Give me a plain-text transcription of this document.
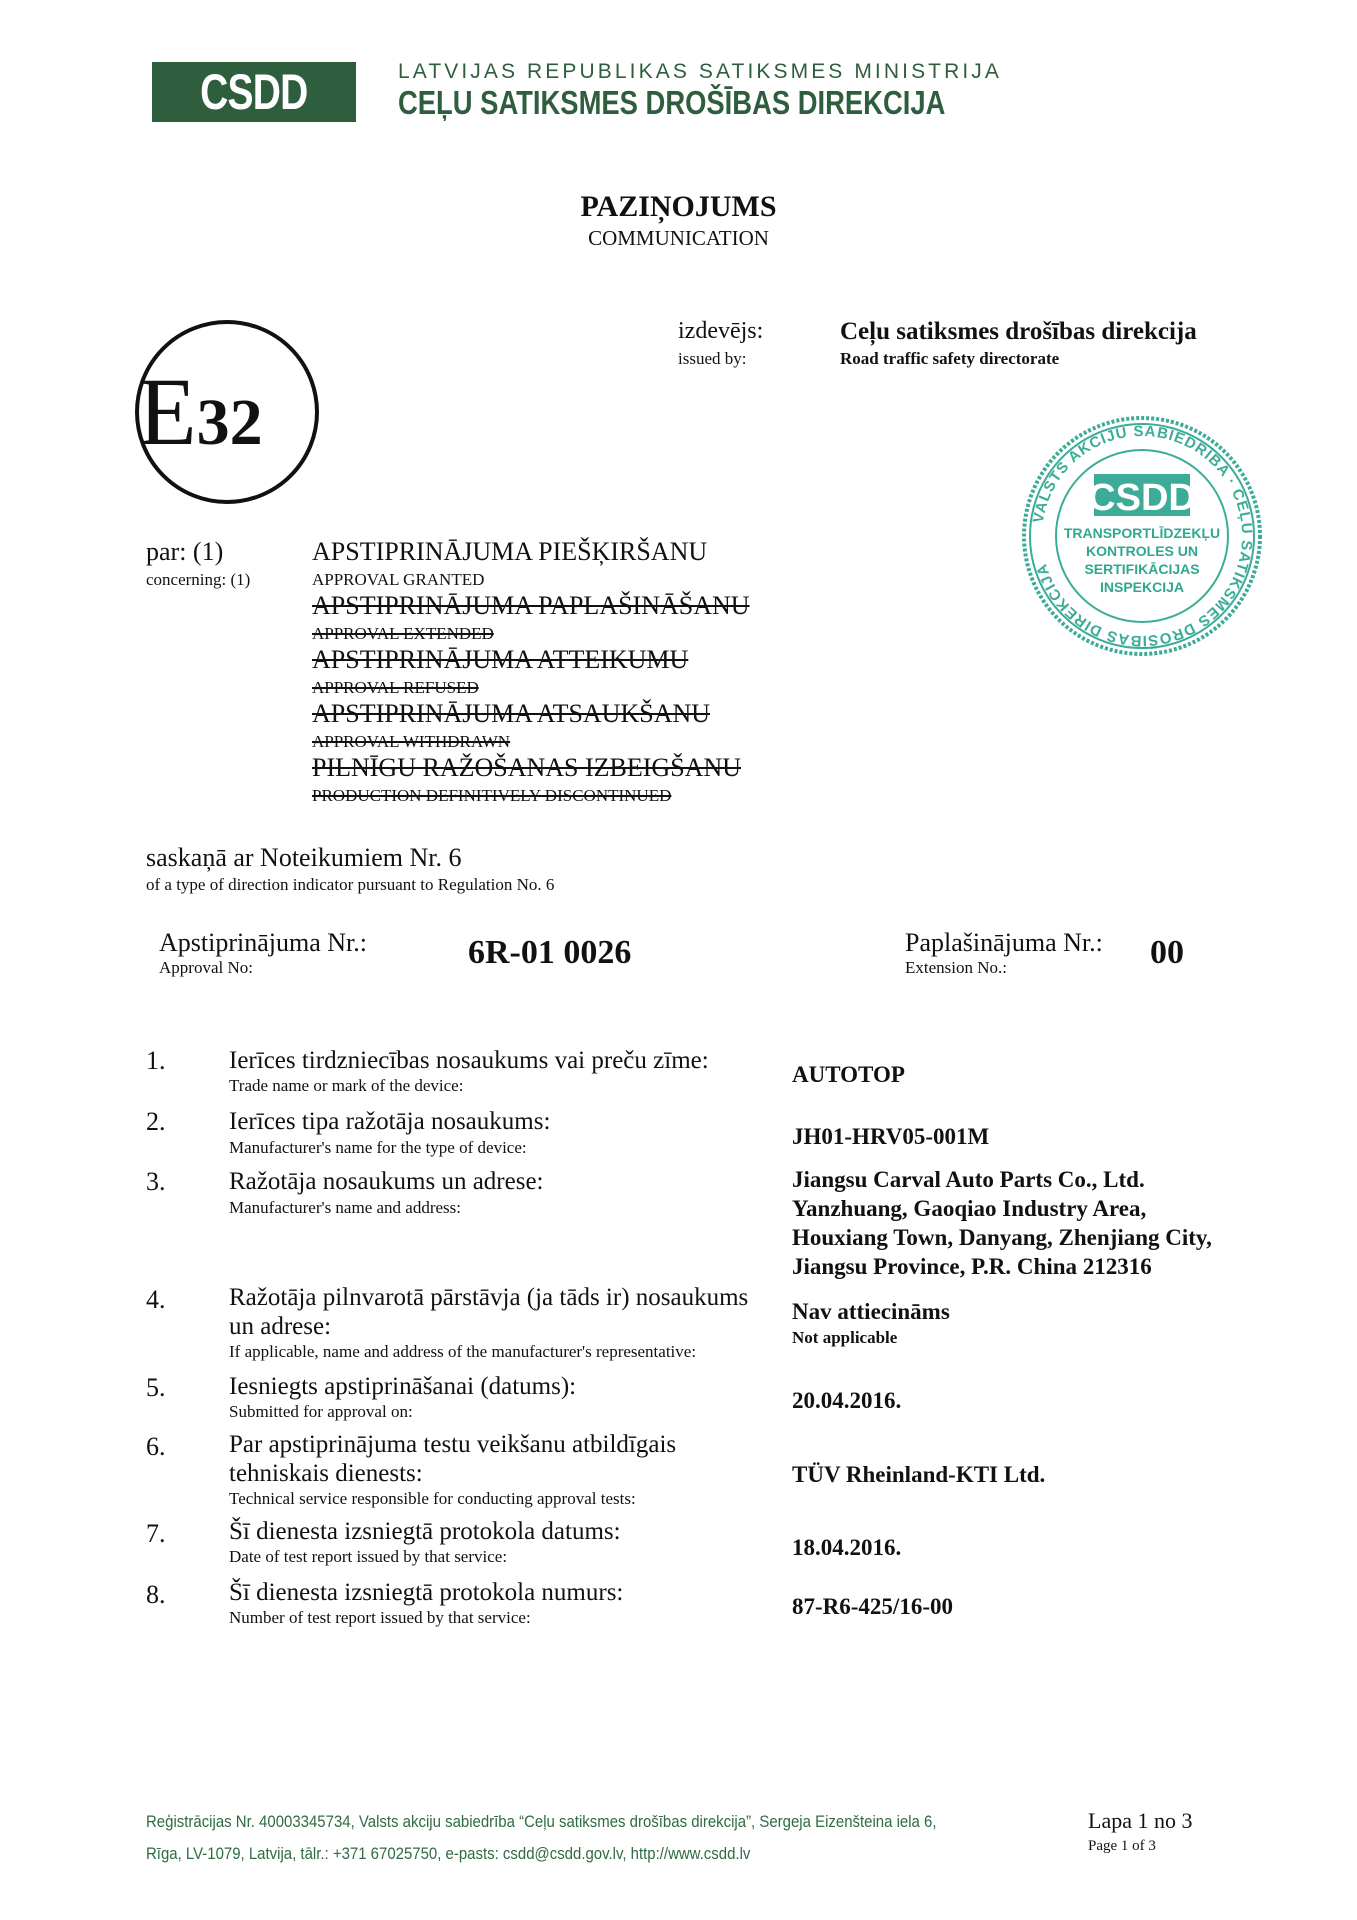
CSDD	LATVIJAS REPUBLIKAS SATIKSMES MINISTRIJA
CEĻU SATIKSMES DROŠĪBAS DIREKCIJA
PAZIŅOJUMS
COMMUNICATION
E32
izdevējs:
issued by:
Ceļu satiksmes drošības direkcija
Road traffic safety directorate
VALSTS AKCIJU SABIEDRĪBA · CEĻU SATIKSMES DROŠĪBAS DIREKCIJA
CSDD
TRANSPORTLĪDZEKĻU
KONTROLES UN
SERTIFIKĀCIJAS
INSPEKCIJA
par: (1)
concerning: (1)
APSTIPRINĀJUMA PIEŠĶIRŠANU
APPROVAL GRANTED
APSTIPRINĀJUMA PAPLAŠINĀŠANU
APPROVAL EXTENDED
APSTIPRINĀJUMA ATTEIKUMU
APPROVAL REFUSED
APSTIPRINĀJUMA ATSAUKŠANU
APPROVAL WITHDRAWN
PILNĪGU RAŽOŠANAS IZBEIGŠANU
PRODUCTION DEFINITIVELY DISCONTINUED
saskaņā ar Noteikumiem Nr. 6
of a type of direction indicator pursuant to Regulation No. 6
Apstiprinājuma Nr.:
Approval No:	6R-01 0026	Paplašinājuma Nr.:
Extension No.:	00
1.	Ierīces tirdzniecības nosaukums vai preču zīme:
Trade name or mark of the device:	AUTOTOP
2.	Ierīces tipa ražotāja nosaukums:
Manufacturer's name for the type of device:	JH01-HRV05-001M
3.	Ražotāja nosaukums un adrese:
Manufacturer's name and address:
Jiangsu Carval Auto Parts Co., Ltd.
Yanzhuang, Gaoqiao Industry Area,
Houxiang Town, Danyang, Zhenjiang City,
Jiangsu Province, P.R. China 212316
4.	Ražotāja pilnvarotā pārstāvja (ja tāds ir) nosaukums
un adrese:
If applicable, name and address of the manufacturer's representative:
Nav attiecināms
Not applicable
5.	Iesniegts apstiprināšanai (datums):
Submitted for approval on:	20.04.2016.
6.	Par apstiprinājuma testu veikšanu atbildīgais
tehniskais dienests:
Technical service responsible for conducting approval tests:
TÜV Rheinland-KTI Ltd.
7.	Šī dienesta izsniegtā protokola datums:
Date of test report issued by that service:	18.04.2016.
8.	Šī dienesta izsniegtā protokola numurs:
Number of test report issued by that service:	87-R6-425/16-00
Reģistrācijas Nr. 40003345734, Valsts akciju sabiedrība “Ceļu satiksmes drošības direkcija”, Sergeja Eizenšteina iela 6,
Rīga, LV-1079, Latvija, tālr.: +371 67025750, e-pasts: csdd@csdd.gov.lv, http://www.csdd.lv
Lapa 1 no 3
Page 1 of 3
